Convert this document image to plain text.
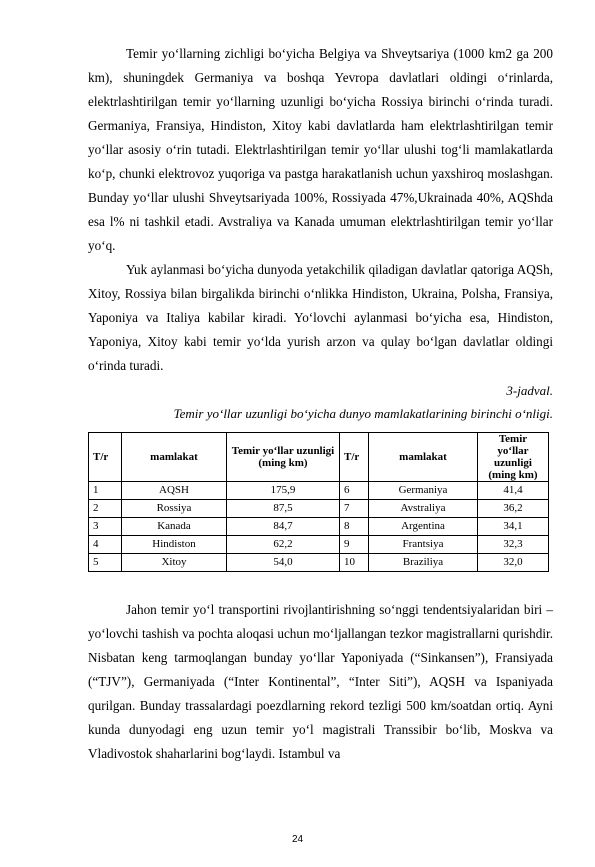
Temir yo‘llarning zichligi bo‘yicha Belgiya va Shveytsariya (1000 km2 ga 200 km), shuningdek Germaniya va boshqa Yevropa davlatlari oldingi o‘rinlarda, elektrlashtirilgan temir yo‘llarning uzunligi bo‘yicha Rossiya birinchi o‘rinda turadi. Germaniya, Fransiya, Hindiston, Xitoy kabi davlatlarda ham elektrlashtirilgan temir yo‘llar asosiy o‘rin tutadi. Elektrlashtirilgan temir yo‘llar ulushi tog‘li mamlakatlarda ko‘p, chunki elektrovoz yuqoriga va pastga harakatlanish uchun yaxshiroq moslashgan. Bunday yo‘llar ulushi Shveytsariyada 100%, Rossiyada 47%,Ukrainada 40%, AQShda esa l% ni tashkil etadi. Avstraliya va Kanada umuman elektrlashtirilgan temir yo‘llar yo‘q.

Yuk aylanmasi bo‘yicha dunyoda yetakchilik qiladigan davlatlar qatoriga AQSh, Xitoy, Rossiya bilan birgalikda birinchi o‘nlikka Hindiston, Ukraina, Polsha, Fransiya, Yaponiya va Italiya kabilar kiradi. Yo‘lovchi aylanmasi bo‘yicha esa, Hindiston, Yaponiya, Xitoy kabi temir yo‘lda yurish arzon va qulay bo‘lgan davlatlar oldingi o‘rinda turadi.

3-jadval.

Temir yo‘llar uzunligi bo‘yicha dunyo mamlakatlarining birinchi o‘nligi.

T/r	mamlakat	Temir yo‘llar uzunligi (ming km)	T/r	mamlakat	Temir yo‘llar uzunligi (ming km)
1	AQSH	175,9	6	Germaniya	41,4
2	Rossiya	87,5	7	Avstraliya	36,2
3	Kanada	84,7	8	Argentina	34,1
4	Hindiston	62,2	9	Frantsiya	32,3
5	Xitoy	54,0	10	Braziliya	32,0

Jahon temir yo‘l transportini rivojlantirishning so‘nggi tendentsiyalaridan biri – yo‘lovchi tashish va pochta aloqasi uchun mo‘ljallangan tezkor magistrallarni qurishdir. Nisbatan keng tarmoqlangan bunday yo‘llar Yaponiyada (“Sinkansen”), Fransiyada (“TJV”), Germaniyada (“Inter Kontinental”, “Inter Siti”), AQSH va Ispaniyada qurilgan. Bunday trassalardagi poezdlarning rekord tezligi 500 km/soatdan ortiq. Ayni kunda dunyodagi eng uzun temir yo‘l magistrali Transsibir bo‘lib, Moskva va Vladivostok shaharlarini bog‘laydi. Istambul va

24
